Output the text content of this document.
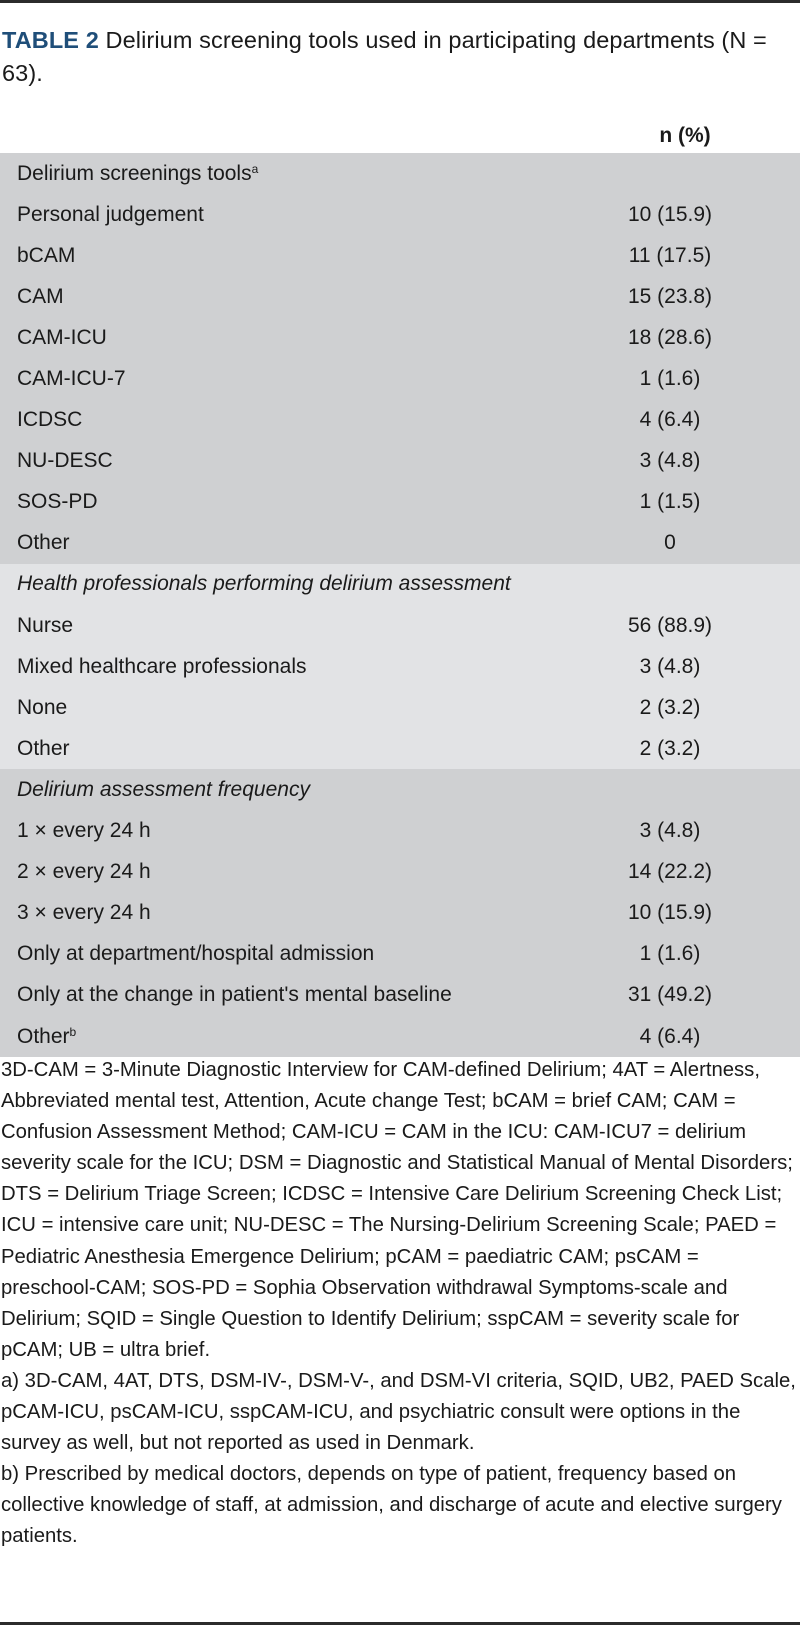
TABLE 2 Delirium screening tools used in participating departments (N = 63).
n (%)
Delirium screenings tools$^a$
Personal judgement	10 (15.9)
bCAM	11 (17.5)
CAM	15 (23.8)
CAM-ICU	18 (28.6)
CAM-ICU-7	1 (1.6)
ICDSC	4 (6.4)
NU-DESC	3 (4.8)
SOS-PD	1 (1.5)
Other	0
Health professionals performing delirium assessment
Nurse	56 (88.9)
Mixed healthcare professionals	3 (4.8)
None	2 (3.2)
Other	2 (3.2)
Delirium assessment frequency
1 × every 24 h	3 (4.8)
2 × every 24 h	14 (22.2)
3 × every 24 h	10 (15.9)
Only at department/hospital admission	1 (1.6)
Only at the change in patient's mental baseline	31 (49.2)
Other$^b$	4 (6.4)

3D-CAM = 3-Minute Diagnostic Interview for CAM-defined Delirium; 4AT = Alertness, Abbreviated mental test, Attention, Acute change Test; bCAM = brief CAM; CAM = Confusion Assessment Method; CAM-ICU = CAM in the ICU: CAM-ICU7 = delirium severity scale for the ICU; DSM = Diagnostic and Statistical Manual of Mental Disorders; DTS = Delirium Triage Screen; ICDSC = Intensive Care Delirium Screening Check List; ICU = intensive care unit; NU-DESC = The Nursing-Delirium Screening Scale; PAED = Pediatric Anesthesia Emergence Delirium; pCAM = paediatric CAM; psCAM = preschool-CAM; SOS-PD = Sophia Observation withdrawal Symptoms-scale and Delirium; SQID = Single Question to Identify Delirium; sspCAM = severity scale for pCAM; UB = ultra brief.

a) 3D-CAM, 4AT, DTS, DSM-IV-, DSM-V-, and DSM-VI criteria, SQID, UB2, PAED Scale, pCAM-ICU, psCAM-ICU, sspCAM-ICU, and psychiatric consult were options in the survey as well, but not reported as used in Denmark.

b) Prescribed by medical doctors, depends on type of patient, frequency based on collective knowledge of staff, at admission, and discharge of acute and elective surgery patients.
